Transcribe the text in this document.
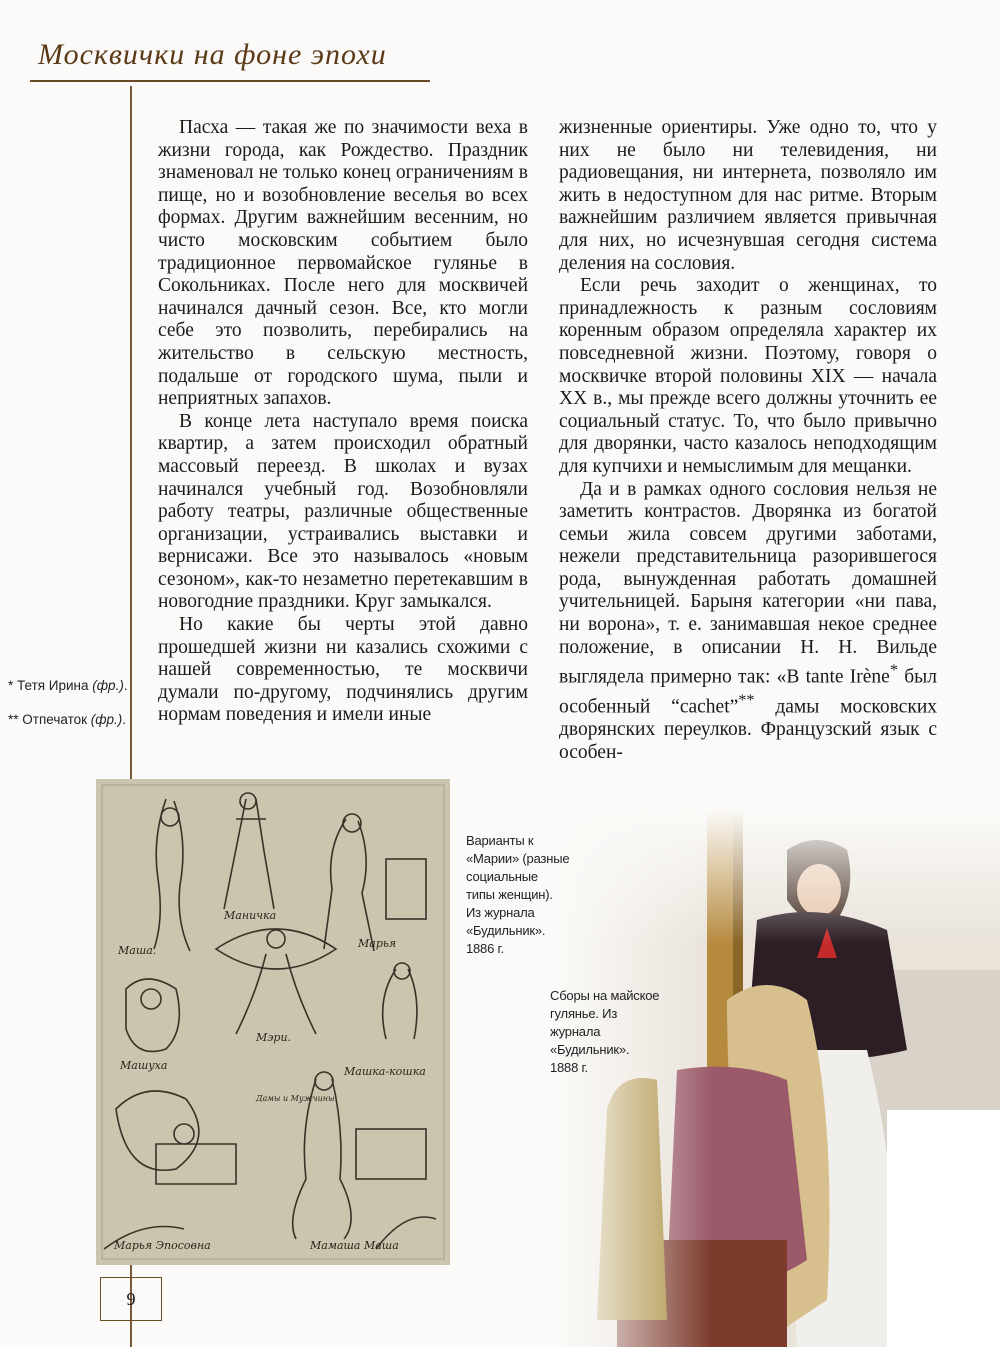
Москвички на фоне эпохи
* Тетя Ирина (фр.).
** Отпечаток (фр.).

Пасха — такая же по значимости веха в жизни города, как Рождество. Праздник знаменовал не только конец ограничениям в пище, но и возобновление веселья во всех формах. Другим важнейшим весенним, но чисто московским событием было традиционное первомайское гулянье в Сокольниках. После него для москвичей начинался дачный сезон. Все, кто могли себе это позволить, перебирались на жительство в сельскую местность, подальше от городского шума, пыли и неприятных запахов.

В конце лета наступало время поиска квартир, а затем происходил обратный массовый переезд. В школах и вузах начинался учебный год. Возобновляли работу театры, различные общественные организации, устраивались выставки и вернисажи. Все это называлось «новым сезоном», как-то незаметно перетекавшим в новогодние праздники. Круг замыкался.

Но какие бы черты этой давно прошедшей жизни ни казались схожими с нашей современностью, те москвичи думали по-другому, подчинялись другим нормам поведения и имели иные

жизненные ориентиры. Уже одно то, что у них не было ни телевидения, ни радиовещания, ни интернета, позволяло им жить в недоступном для нас ритме. Вторым важнейшим различием является привычная для них, но исчезнувшая сегодня система деления на сословия.

Если речь заходит о женщинах, то принадлежность к разным сословиям коренным образом определяла характер их повседневной жизни. Поэтому, говоря о москвичке второй половины XIX — начала XX в., мы прежде всего должны уточнить ее социальный статус. То, что было привычно для дворянки, часто казалось неподходящим для купчихи и немыслимым для мещанки.

Да и в рамках одного сословия нельзя не заметить контрастов. Дворянка из богатой семьи жила совсем другими заботами, нежели представительница разорившегося рода, вынужденная работать домашней учительницей. Барыня категории «ни пава, ни ворона», т. е. занимавшая некое среднее положение, в описании Н. Н. Вильде выглядела примерно так: «B tante Irène* был особенный “cachet”** дамы московских дворянских переулков. Французский язык с особен-

Маша.
Маничка
Марья
Мэри.
Машуха	Машка-кошка
Марья Эпосовна	Мамаша Маша
Дамы и Мужчины
Варианты к «Марии» (разные социальные типы женщин). Из журнала «Будильник». 1886 г.
Сборы на майское гулянье. Из журнала «Будильник». 1888 г.
9
